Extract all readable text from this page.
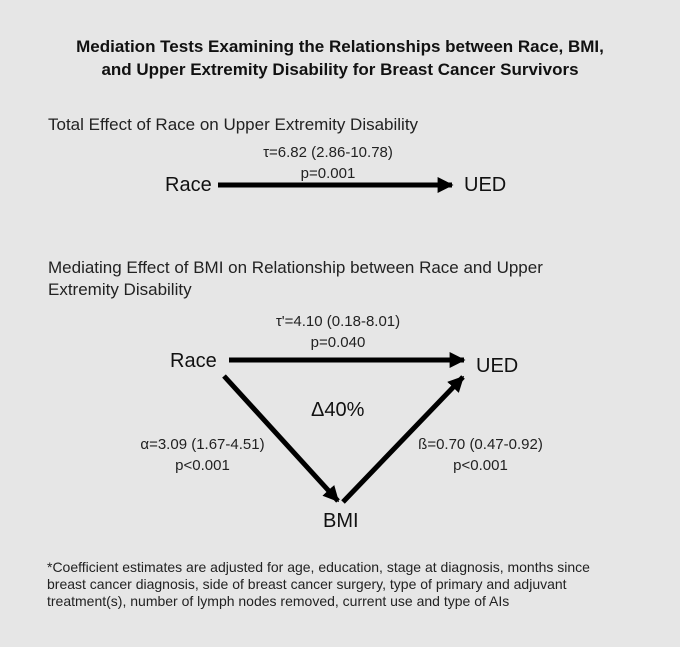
Mediation Tests Examining the Relationships between Race, BMI,
and Upper Extremity Disability for Breast Cancer Survivors
Total Effect of Race on Upper Extremity Disability
τ=6.82 (2.86-10.78)
p=0.001
Race	UED
Mediating Effect of BMI on Relationship between Race and Upper
Extremity Disability
τ'=4.10 (0.18-8.01)
p=0.040
Race	UED
Δ40%
α=3.09 (1.67-4.51)
p<0.001
ß=0.70 (0.47-0.92)
p<0.001
BMI
*Coefficient estimates are adjusted for age, education, stage at diagnosis, months since
breast cancer diagnosis, side of breast cancer surgery, type of primary and adjuvant
treatment(s), number of lymph nodes removed, current use and type of AIs
